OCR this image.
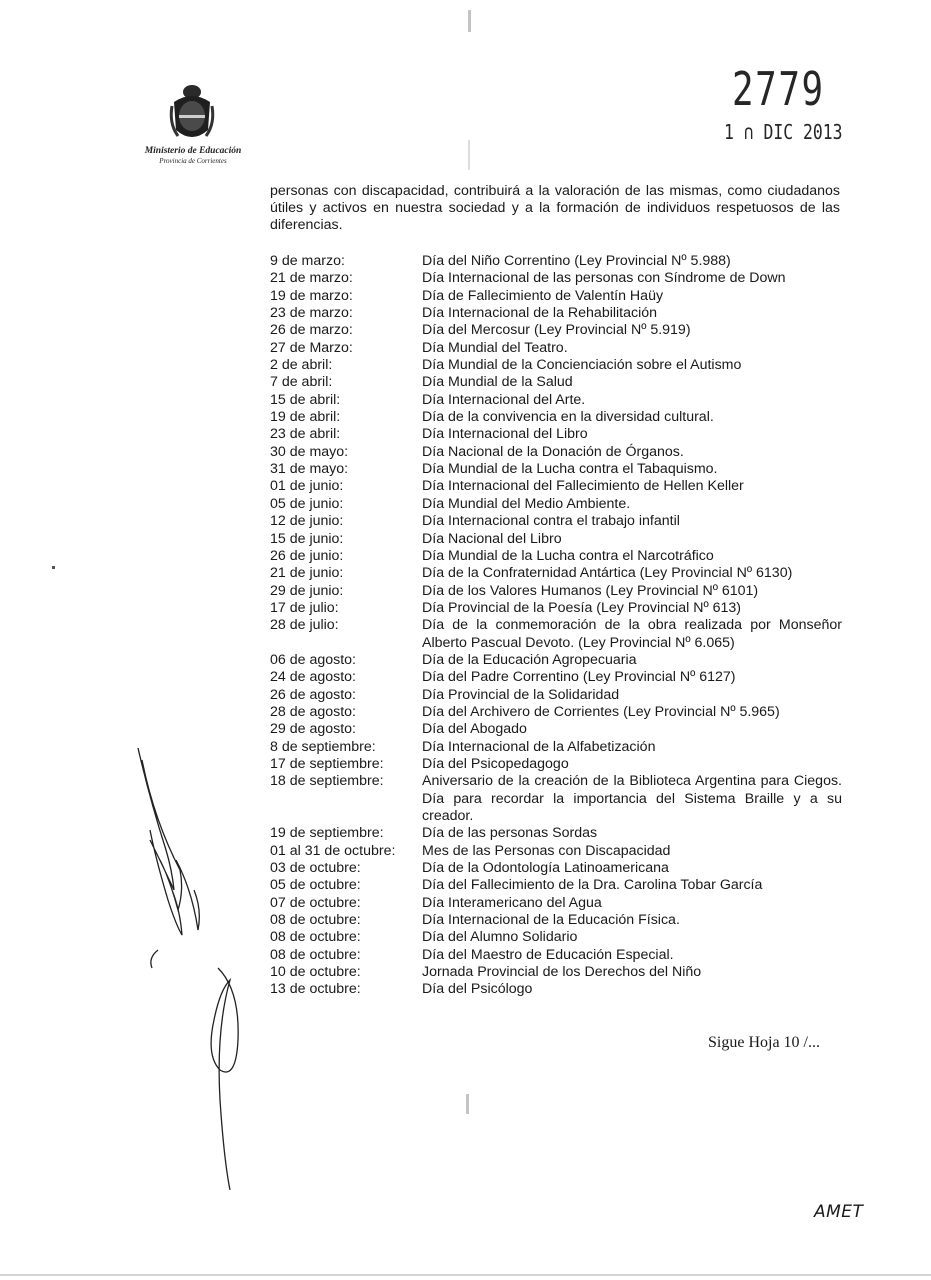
Ministerio de Educación
Provincia de Corrientes
2779
1 ∩ DIC 2013
personas con discapacidad, contribuirá a la valoración de las mismas, como ciudadanos útiles y activos en nuestra sociedad y a la formación de individuos respetuosos de las diferencias.
9 de marzo:	Día del Niño Correntino (Ley Provincial Nº 5.988)
21 de marzo:	Día Internacional de las personas con Síndrome de Down
19 de marzo:	Día de Fallecimiento de Valentín Haüy
23 de marzo:	Día Internacional de la Rehabilitación
26 de marzo:	Día del Mercosur (Ley Provincial Nº 5.919)
27 de Marzo:	Día Mundial del Teatro.
2 de abril:	Día Mundial de la Concienciación sobre el Autismo
7 de abril:	Día Mundial de la Salud
15 de abril:	Día Internacional del Arte.
19 de abril:	Día de la convivencia en la diversidad cultural.
23 de abril:	Día Internacional del Libro
30 de mayo:	Día Nacional de la Donación de Órganos.
31 de mayo:	Día Mundial de la Lucha contra el Tabaquismo.
01 de junio:	Día Internacional del Fallecimiento de Hellen Keller
05 de junio:	Día Mundial del Medio Ambiente.
12 de junio:	Día Internacional contra el trabajo infantil
15 de junio:	Día Nacional del Libro
26 de junio:	Día Mundial de la Lucha contra el Narcotráfico
21 de junio:	Día de la Confraternidad Antártica (Ley Provincial Nº 6130)
29 de junio:	Día de los Valores Humanos (Ley Provincial Nº 6101)
17 de julio:	Día Provincial de la Poesía (Ley Provincial Nº 613)
28 de julio:	Día de la conmemoración de la obra realizada por Monseñor Alberto Pascual Devoto. (Ley Provincial Nº 6.065)
06 de agosto:	Día de la Educación Agropecuaria
24 de agosto:	Día del Padre Correntino (Ley Provincial Nº 6127)
26 de agosto:	Día Provincial de la Solidaridad
28 de agosto:	Día del Archivero de Corrientes (Ley Provincial Nº 5.965)
29 de agosto:	Día del Abogado
8 de septiembre:	Día Internacional de la Alfabetización
17 de septiembre:	Día del Psicopedagogo
18 de septiembre:	Aniversario de la creación de la Biblioteca Argentina para Ciegos. Día para recordar la importancia del Sistema Braille y a su creador.
19 de septiembre:	Día de las personas Sordas
01 al 31 de octubre:	Mes de las Personas con Discapacidad
03 de octubre:	Día de la Odontología Latinoamericana
05 de octubre:	Día del Fallecimiento de la Dra. Carolina Tobar García
07 de octubre:	Día Interamericano del Agua
08 de octubre:	Día Internacional de la Educación Física.
08 de octubre:	Día del Alumno Solidario
08 de octubre:	Día del Maestro de Educación Especial.
10 de octubre:	Jornada Provincial de los Derechos del Niño
13 de octubre:	Día del Psicólogo
Sigue Hoja 10 /...
AMET
